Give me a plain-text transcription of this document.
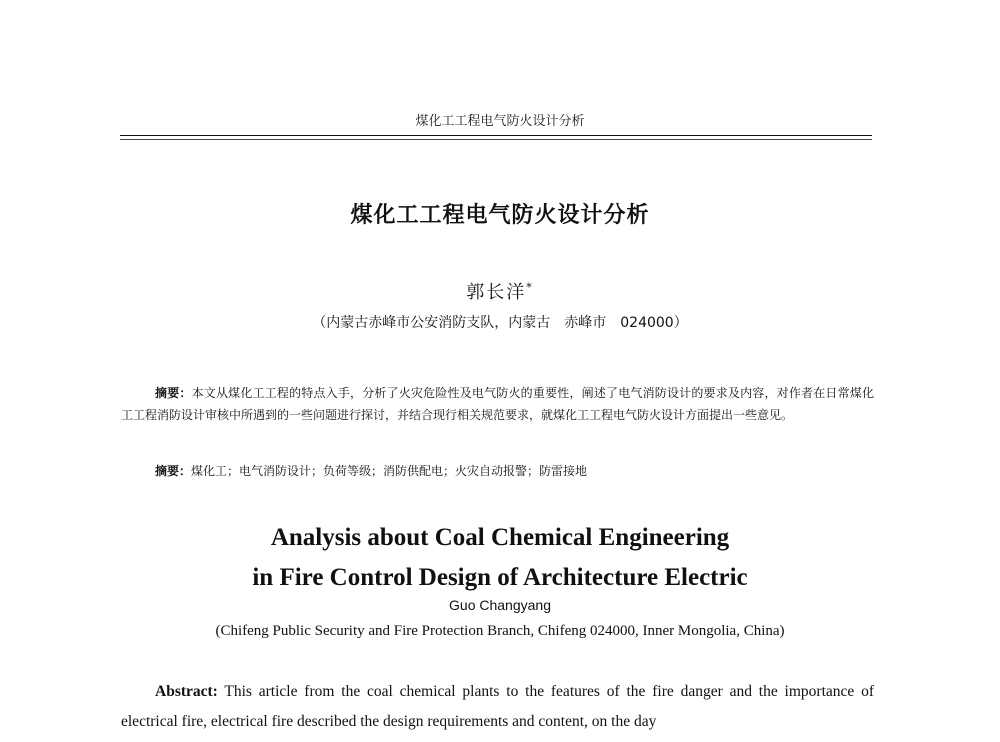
煤化工工程电气防火设计分析
煤化工工程电气防火设计分析
郭长洋*
（内蒙古赤峰市公安消防支队，内蒙古　赤峰市　024000）
摘要：本文从煤化工工程的特点入手，分析了火灾危险性及电气防火的重要性，阐述了电气消防设计的要求及内容，对作者在日常煤化工工程消防设计审核中所遇到的一些问题进行探讨，并结合现行相关规范要求，就煤化工工程电气防火设计方面提出一些意见。
摘要：煤化工；电气消防设计；负荷等级；消防供配电；火灾自动报警；防雷接地
Analysis about Coal Chemical Engineering
in Fire Control Design of Architecture Electric
Guo Changyang
(Chifeng Public Security and Fire Protection Branch, Chifeng 024000, Inner Mongolia, China)
Abstract: This article from the coal chemical plants to the features of the fire danger and the importance of electrical fire, electrical fire described the design requirements and content, on the day
